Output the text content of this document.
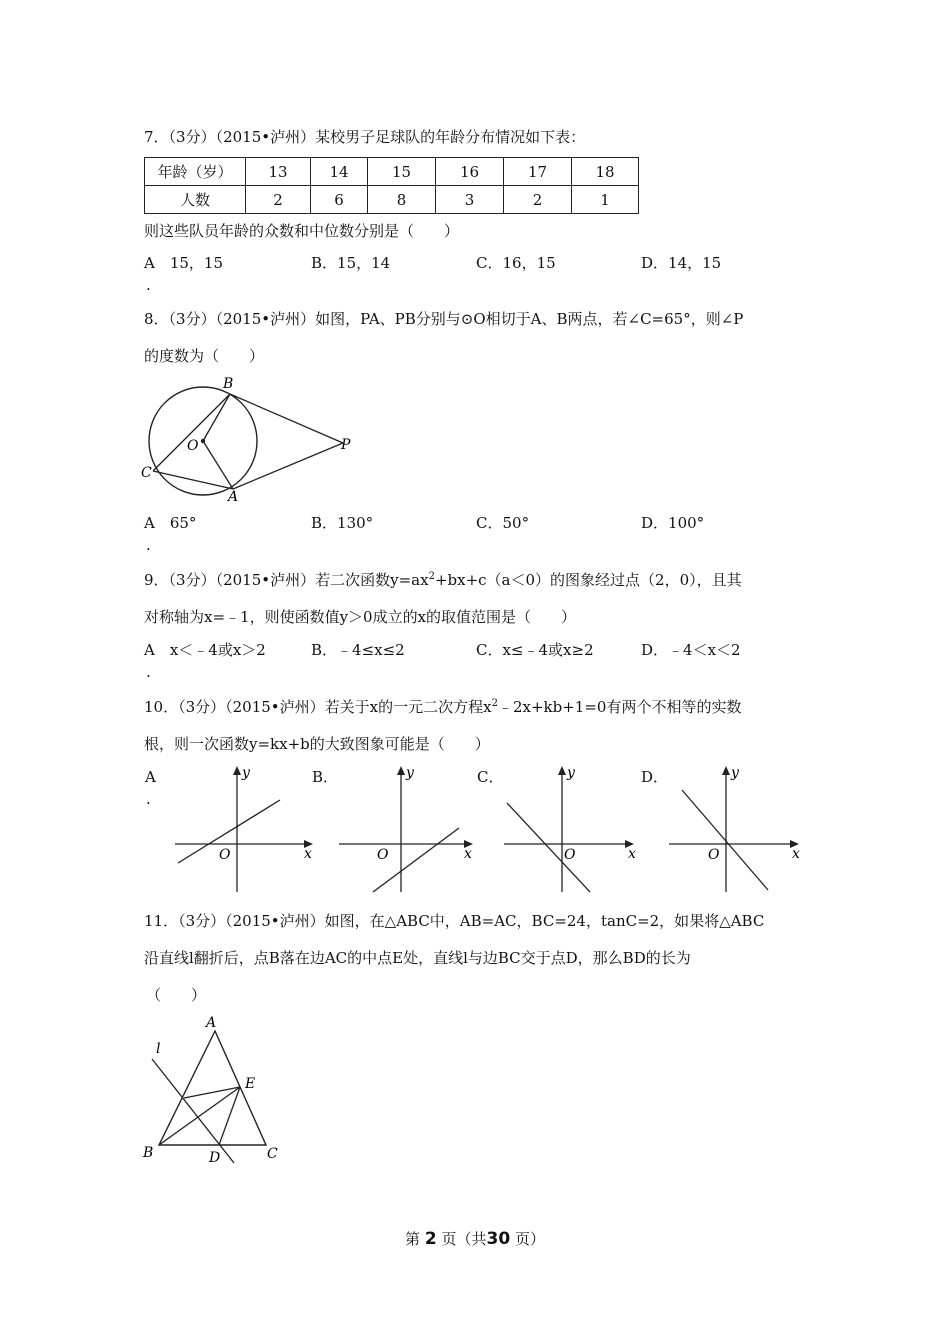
7．（3分）（2015•泸州）某校男子足球队的年龄分布情况如下表：
年龄（岁）	13	14	15	16	17	18
人数	2	6	8	3	2	1
则这些队员年龄的众数和中位数分别是（　　）
A　15，15	B．15，14	C．16，15	D．14，15
.
8．（3分）（2015•泸州）如图，PA、PB分别与⊙O相切于A、B两点，若∠C=65°，则∠P
的度数为（　　）
B
O	P
C
A
A　65°	B．130°	C．50°	D．100°
.
9．（3分）（2015•泸州）若二次函数$y=ax^2+bx+c(a<0)$的图象经过点（2，0），且其
对称轴为x=﹣1，则使函数值y＞0成立的x的取值范围是（　　）
A　x＜﹣4或x＞2	B．﹣4≤x≤2	C．x≤﹣4或x≥2	D．﹣4＜x＜2
.
10．（3分）（2015•泸州）若关于x的一元二次方程$x^2﹣2x+kb+1=0$有两个不相等的实数
根，则一次函数y=kx+b的大致图象可能是（　　）
A
.
B．	C．	D．
x
y
O	x
y
O	x
y
O	x
y
O
11．（3分）（2015•泸州）如图，在△ABC中，AB=AC，BC=24，tanC=2，如果将△ABC
沿直线l翻折后，点B落在边AC的中点E处，直线l与边BC交于点D，那么BD的长为
（　　）
A
l
E
B	D	C
第 2 页（共30 页）
